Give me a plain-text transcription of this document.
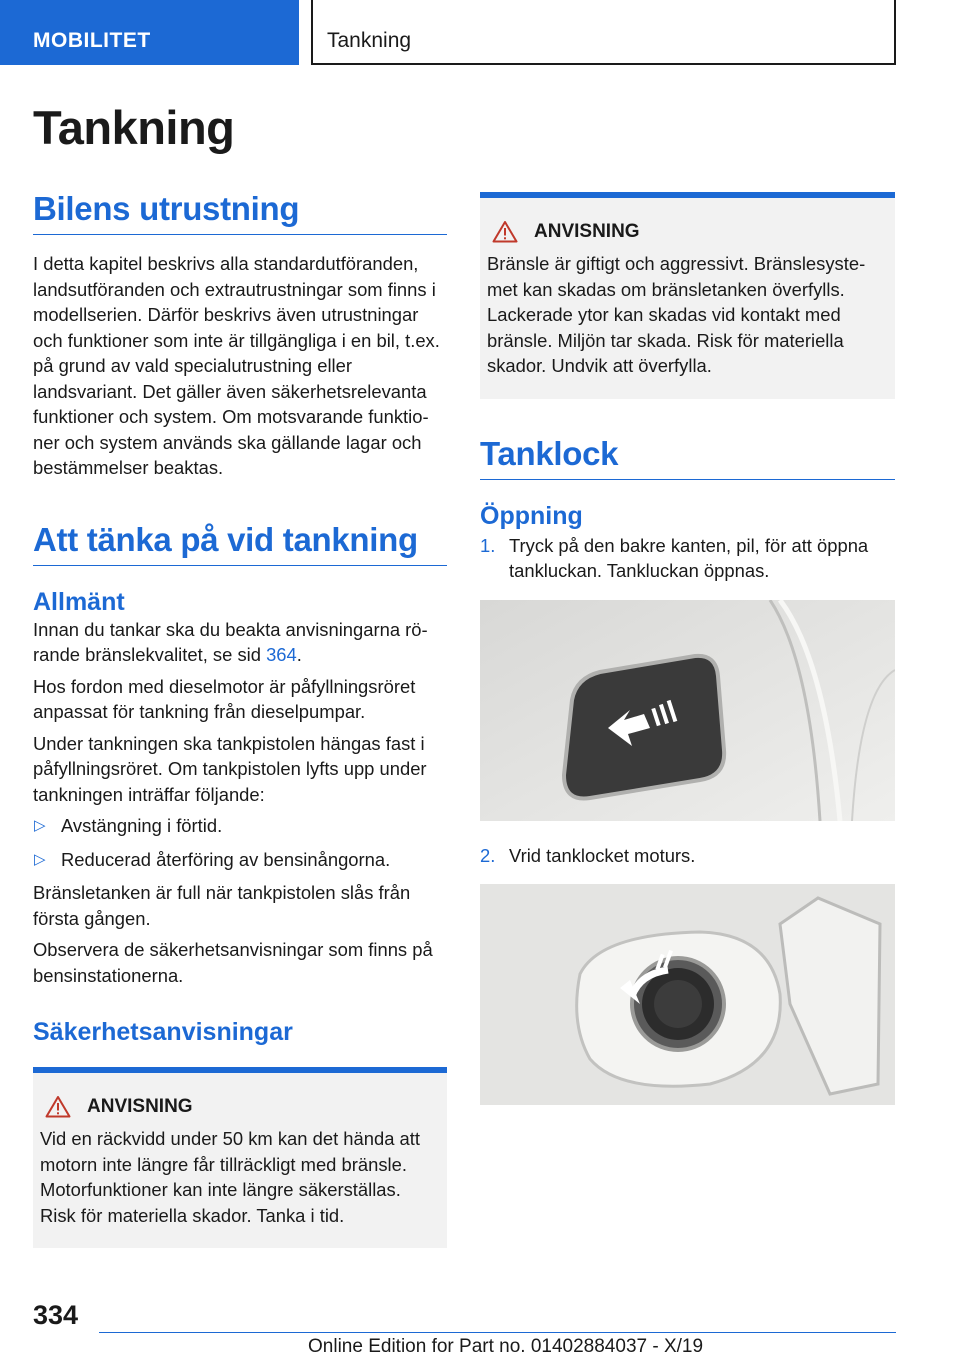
MOBILITET	Tankning
Tankning
Bilens utrustning

I detta kapitel beskrivs alla standardutföranden, landsutföranden och extrautrustningar som finns i modellserien. Därför beskrivs även utrustningar och funktioner som inte är tillgängliga i en bil, t.ex. på grund av vald specialutrustning eller landsvariant. Det gäller även säkerhetsrelevanta funktioner och system. Om motsvarande funktioner och system används ska gällande lagar och bestämmelser beaktas.

Att tänka på vid tankning
Allmänt

Innan du tankar ska du beakta anvisningarna rörande bränslekvalitet, se sid 364.

Hos fordon med dieselmotor är påfyllningsröret anpassat för tankning från dieselpumpar.

Under tankningen ska tankpistolen hängas fast i påfyllningsröret. Om tankpistolen lyfts upp under tankningen inträffar följande:

▷ Avstängning i förtid.
▷ Reducerad återföring av bensinångorna.

Bränsletanken är full när tankpistolen slås från första gången.

Observera de säkerhetsanvisningar som finns på bensinstationerna.

Säkerhetsanvisningar
ANVISNING

Vid en räckvidd under 50 km kan det hända att motorn inte längre får tillräckligt med bränsle. Motorfunktioner kan inte längre säkerställas. Risk för materiella skador. Tanka i tid.

ANVISNING

Bränsle är giftigt och aggressivt. Bränslesystemet kan skadas om bränsletanken överfylls. Lackerade ytor kan skadas vid kontakt med bränsle. Miljön tar skada. Risk för materiella skador. Undvik att överfylla.

Tanklock
Öppning
1. Tryck på den bakre kanten, pil, för att öppna tankluckan. Tankluckan öppnas.
2. Vrid tanklocket moturs.
334
Online Edition for Part no. 01402884037 - X/19
